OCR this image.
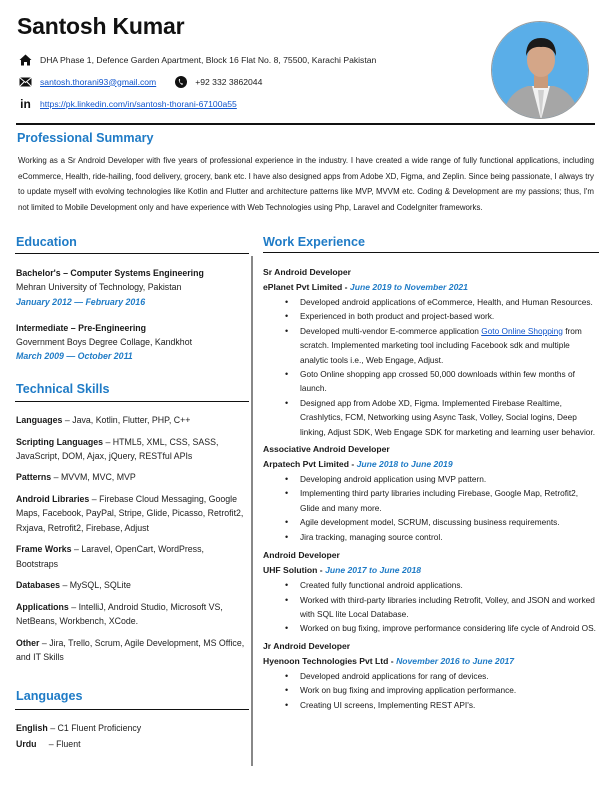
Santosh Kumar
DHA Phase 1, Defence Garden Apartment, Block 16 Flat No. 8, 75500, Karachi Pakistan
santosh.thorani93@gmail.com	+92 332 3862044
in https://pk.linkedin.com/in/santosh-thorani-67100a55
Professional Summary
Working as a Sr Android Developer with five years of professional experience in the industry. I have created a wide range of fully functional applications, including eCommerce, Health, ride-hailing, food delivery, grocery, bank etc. I have also designed apps from Adobe XD, Figma, and Zeplin. Since being passionate, I always try to update myself with evolving technologies like Kotlin and Flutter and architecture patterns like MVP, MVVM etc. Coding & Development are my passions; thus, I'm not limited to Mobile Development only and have experience with Web Technologies using Php, Laravel and CodeIgniter frameworks.
Education
Bachelor's – Computer Systems Engineering
Mehran University of Technology, Pakistan
January 2012 — February 2016
Intermediate – Pre-Engineering
Government Boys Degree Collage, Kandkhot
March 2009 — October 2011
Technical Skills
Languages – Java, Kotlin, Flutter, PHP, C++
Scripting Languages – HTML5, XML, CSS, SASS, JavaScript, DOM, Ajax, jQuery, RESTful APIs
Patterns – MVVM, MVC, MVP
Android Libraries – Firebase Cloud Messaging, Google Maps, Facebook, PayPal, Stripe, Glide, Picasso, Retrofit2, Rxjava, Retrofit2, Firebase, Adjust
Frame Works – Laravel, OpenCart, WordPress, Bootstraps
Databases – MySQL, SQLite
Applications – IntelliJ, Android Studio, Microsoft VS, NetBeans, Workbench, XCode.
Other – Jira, Trello, Scrum, Agile Development, MS Office, and IT Skills
Languages
English – C1 Fluent Proficiency
Urdu     – Fluent
Work Experience
Sr Android Developer
ePlanet Pvt Limited - June 2019 to November 2021
• Developed android applications of eCommerce, Health, and Human Resources.
• Experienced in both product and project-based work.
• Developed multi-vendor E-commerce application Goto Online Shopping from scratch. Implemented marketing tool including Facebook sdk and multiple analytic tools i.e., Web Engage, Adjust.
• Goto Online shopping app crossed 50,000 downloads within few months of launch.
• Designed app from Adobe XD, Figma. Implemented Firebase Realtime, Crashlytics, FCM, Networking using Async Task, Volley, Social logins, Deep linking, Adjust SDK, Web Engage SDK for marketing and learning user behavior.
Associative Android Developer
Arpatech Pvt Limited - June 2018 to June 2019
• Developing android application using MVP pattern.
• Implementing third party libraries including Firebase, Google Map, Retrofit2, Glide and many more.
• Agile development model, SCRUM, discussing business requirements.
• Jira tracking, managing source control.
Android Developer
UHF Solution - June 2017 to June 2018
• Created fully functional android applications.
• Worked with third-party libraries including Retrofit, Volley, and JSON and worked with SQL lite Local Database.
• Worked on bug fixing, improve performance considering life cycle of Android OS.
Jr Android Developer
Hyenoon Technologies Pvt Ltd - November 2016 to June 2017
• Developed android applications for rang of devices.
• Work on bug fixing and improving application performance.
• Creating UI screens, Implementing REST API's.
